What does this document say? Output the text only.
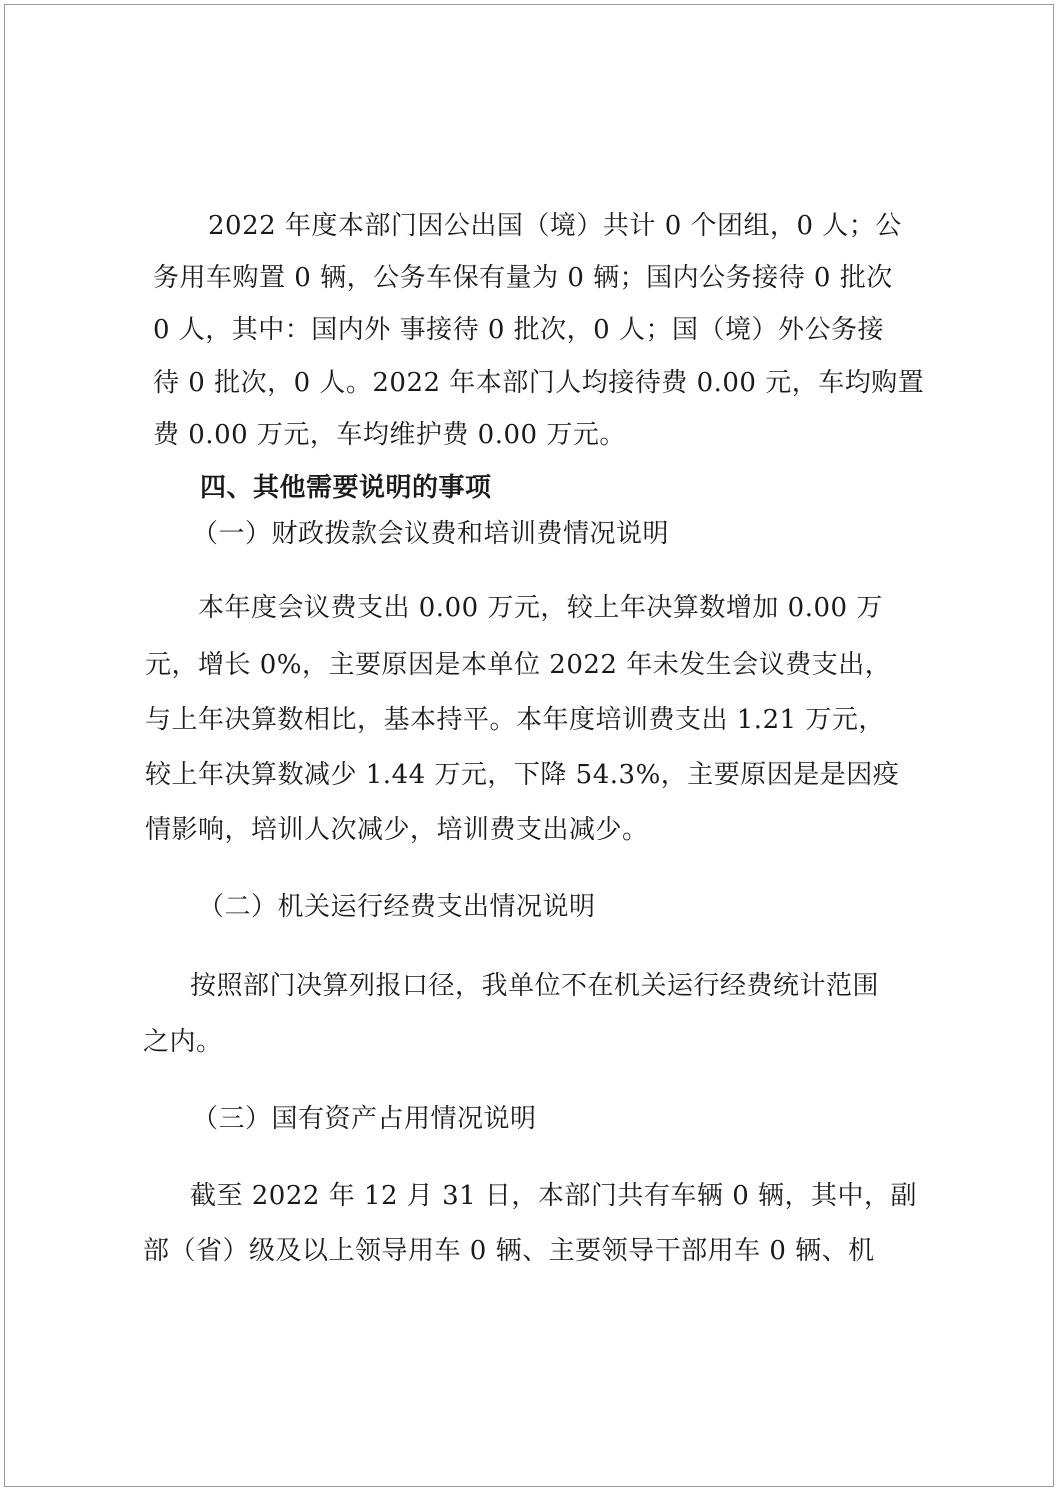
2022 年度本部门因公出国（境）共计 0 个团组，0 人；公
务用车购置 0 辆，公务车保有量为 0 辆；国内公务接待 0 批次
0 人，其中：国内外 事接待 0 批次，0 人；国（境）外公务接
待 0 批次，0 人。2022 年本部门人均接待费 0.00 元，车均购置
费 0.00 万元，车均维护费 0.00 万元。
四、其他需要说明的事项
（一）财政拨款会议费和培训费情况说明
本年度会议费支出 0.00 万元，较上年决算数增加 0.00 万
元，增长 0%，主要原因是本单位 2022 年未发生会议费支出，
与上年决算数相比，基本持平。本年度培训费支出 1.21 万元，
较上年决算数减少 1.44 万元，下降 54.3%，主要原因是是因疫
情影响，培训人次减少，培训费支出减少。
（二）机关运行经费支出情况说明
按照部门决算列报口径，我单位不在机关运行经费统计范围
之内。
（三）国有资产占用情况说明
截至 2022 年 12 月 31 日，本部门共有车辆 0 辆，其中，副
部（省）级及以上领导用车 0 辆、主要领导干部用车 0 辆、机
